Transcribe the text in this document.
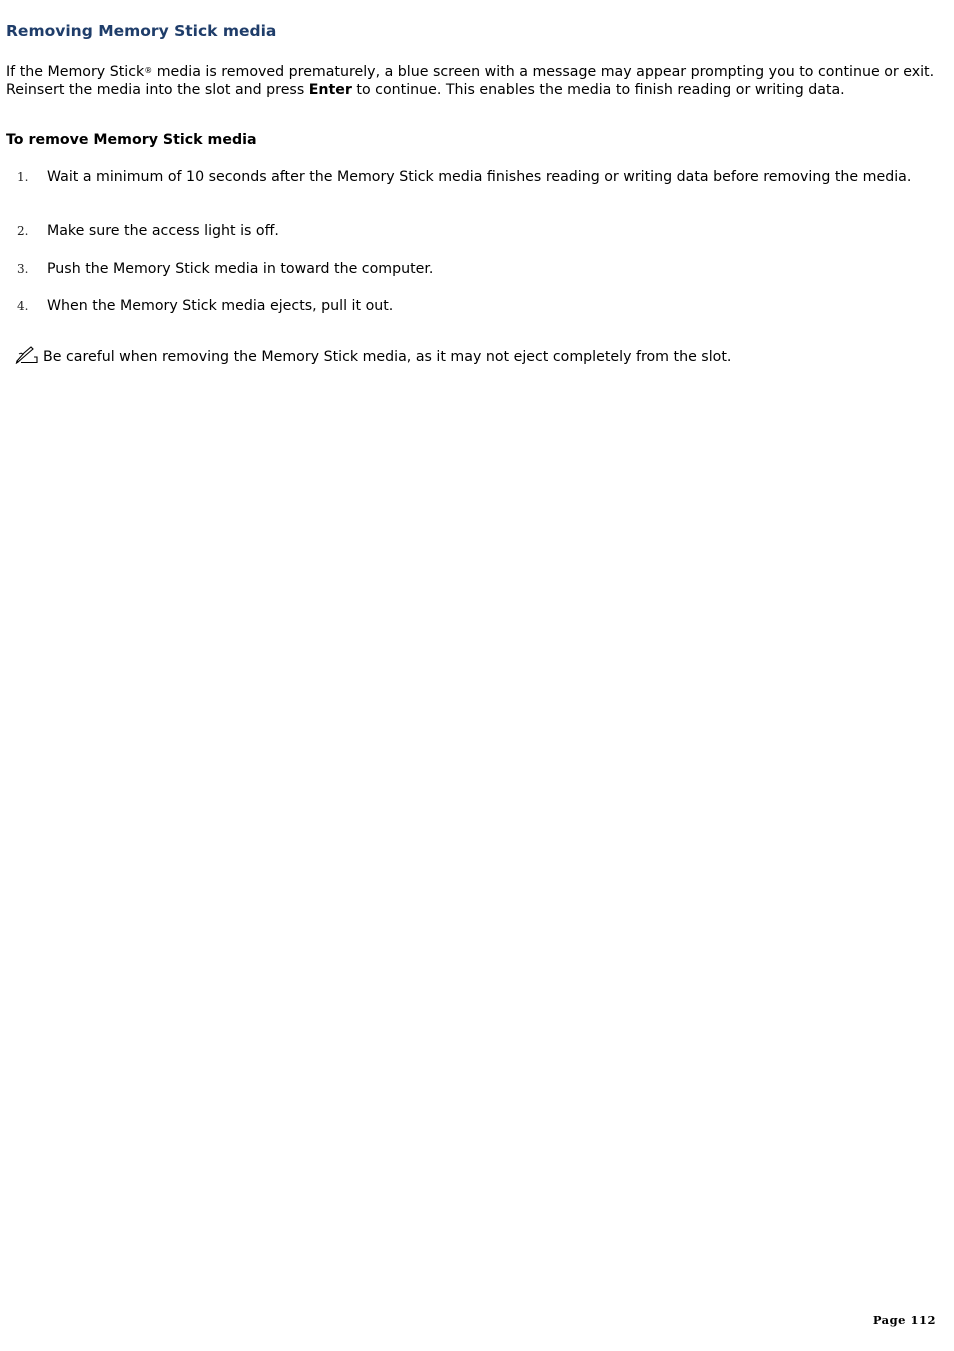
Removing Memory Stick media

If the Memory Stick® media is removed prematurely, a blue screen with a message may appear prompting you to continue or exit. Reinsert the media into the slot and press Enter to continue. This enables the media to finish reading or writing data.

To remove Memory Stick media
1. Wait a minimum of 10 seconds after the Memory Stick media finishes reading or writing data before removing the media.
2. Make sure the access light is off.
3. Push the Memory Stick media in toward the computer.
4. When the Memory Stick media ejects, pull it out.
Be careful when removing the Memory Stick media, as it may not eject completely from the slot.
Page 112
